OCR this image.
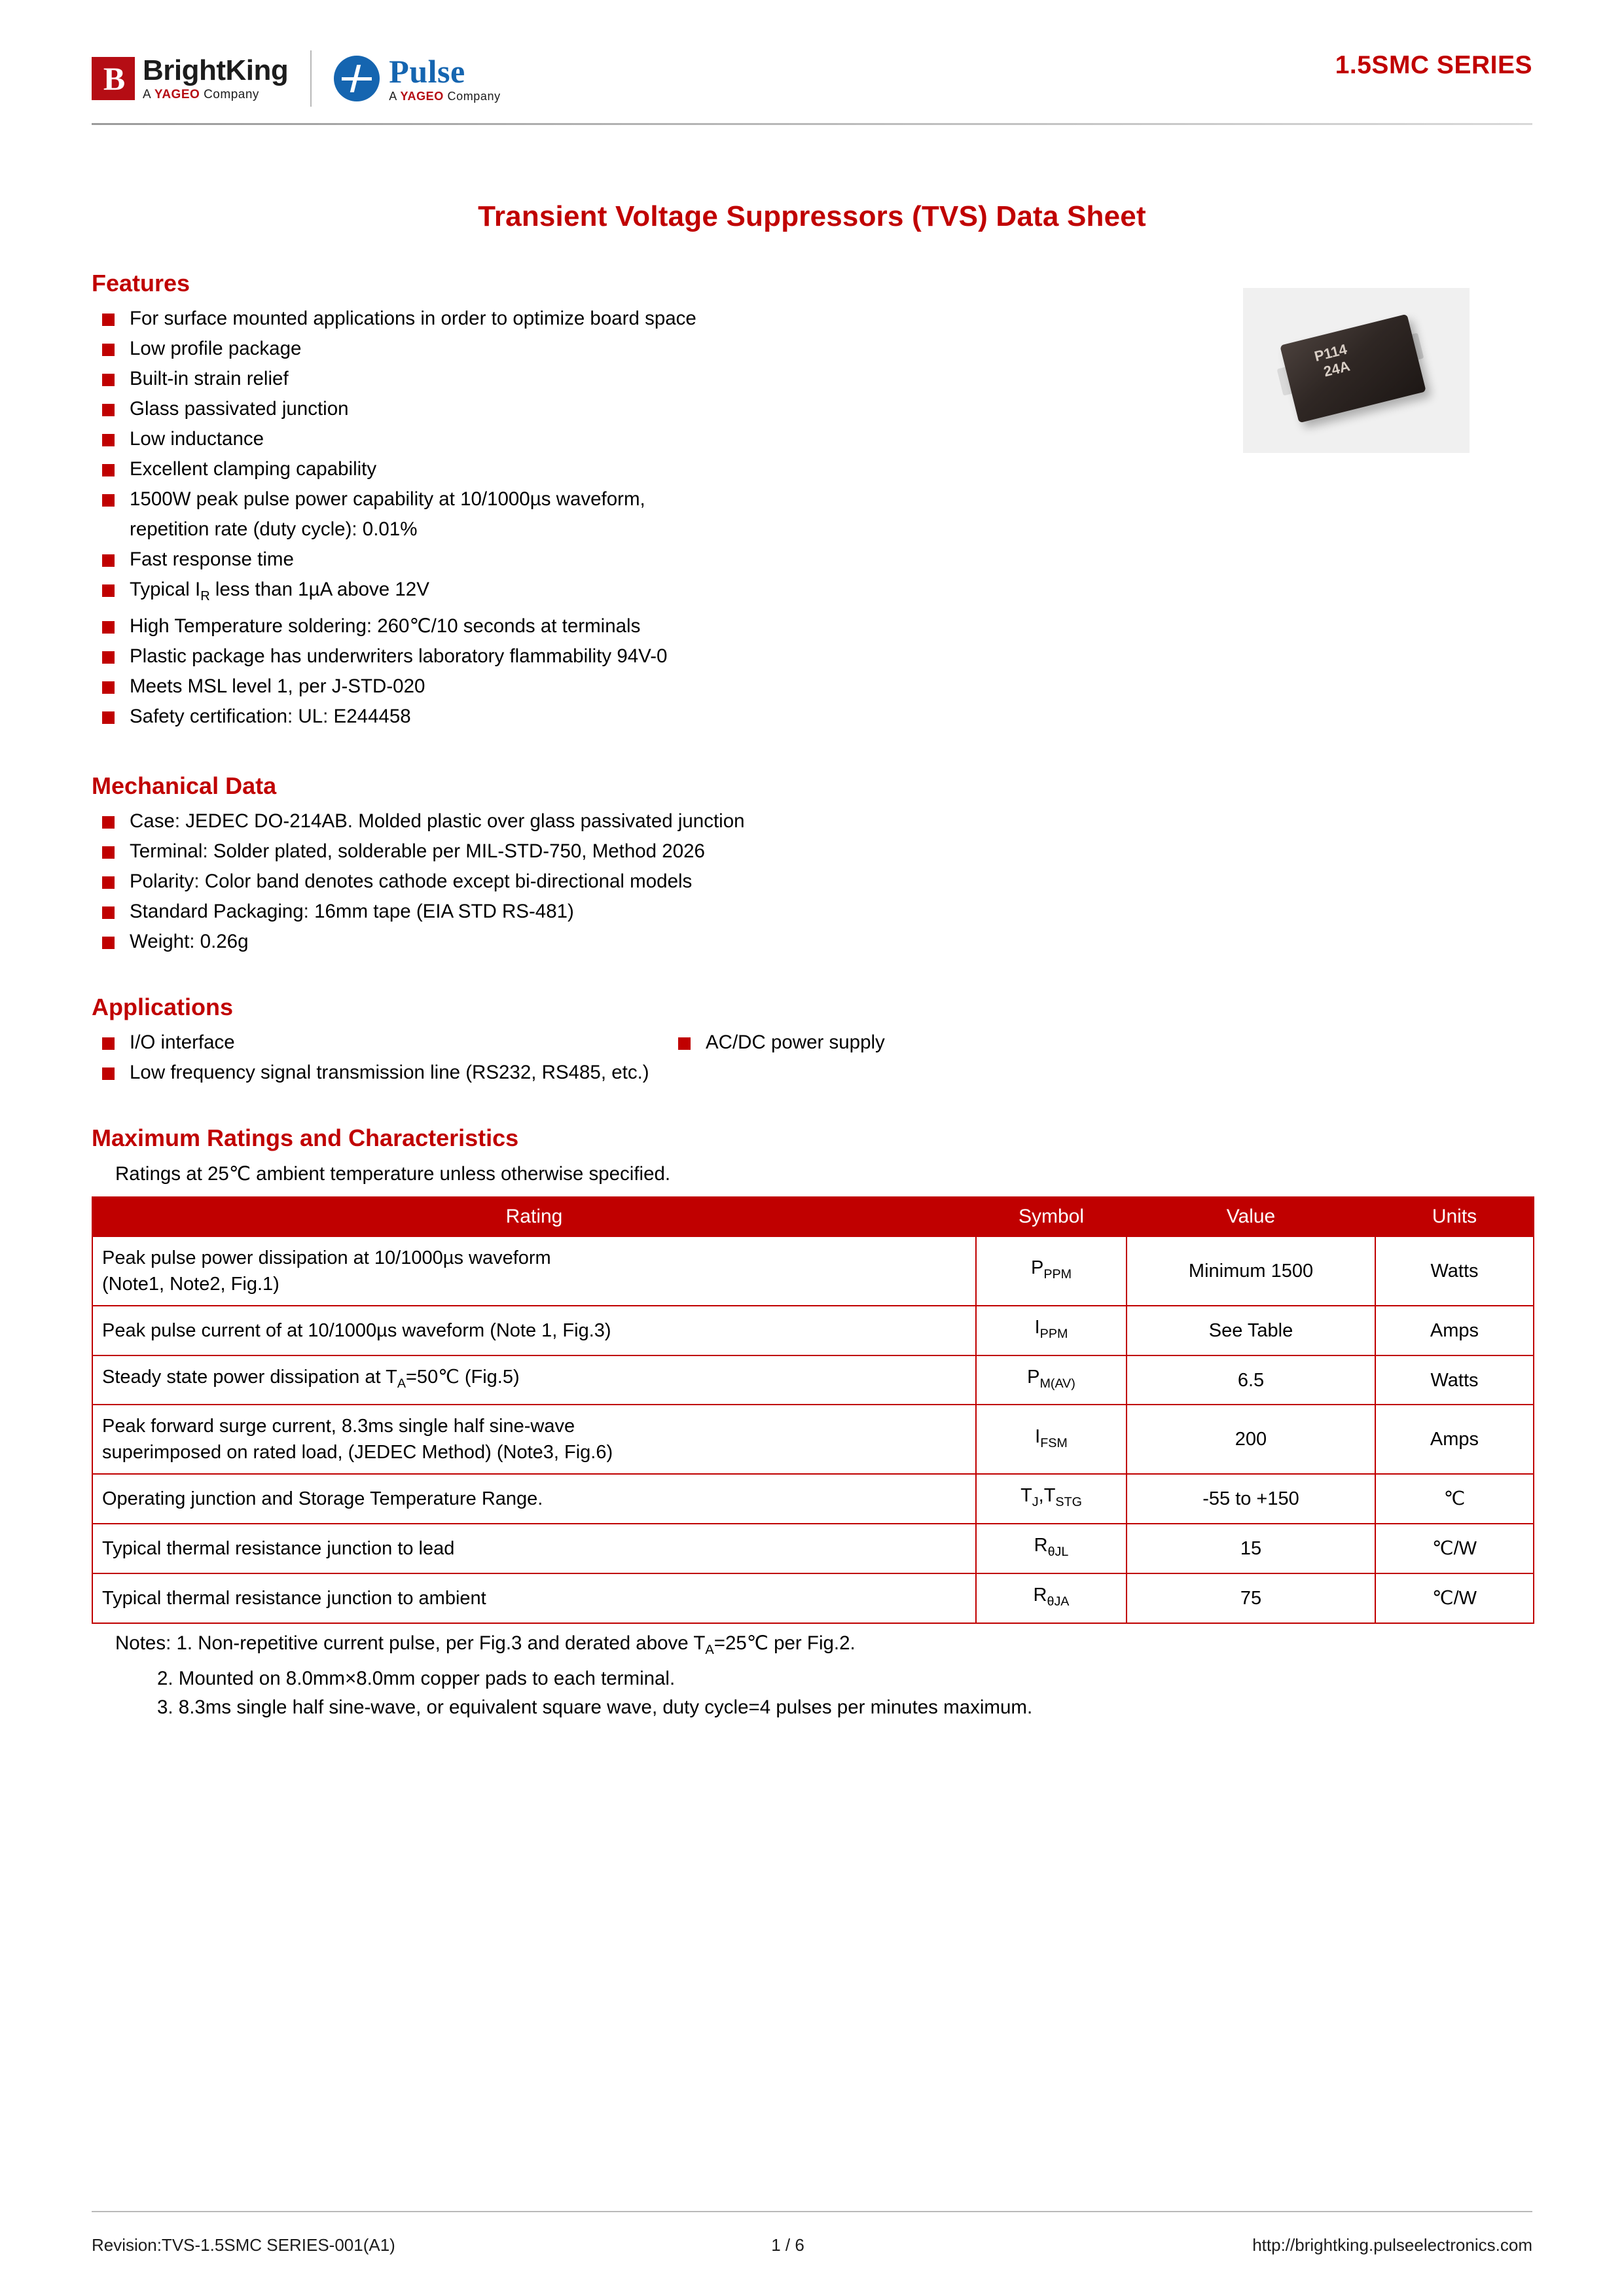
B BrightKing
A YAGEO Company
Pulse
A YAGEO Company
1.5SMC SERIES
Transient Voltage Suppressors (TVS) Data Sheet
Features
P114
24A
For surface mounted applications in order to optimize board space
Low profile package
Built-in strain relief
Glass passivated junction
Low inductance
Excellent clamping capability
1500W peak pulse power capability at 10/1000µs waveform,
repetition rate (duty cycle): 0.01%
Fast response time
Typical $I_R$ less than 1µA above 12V
High Temperature soldering: 260℃/10 seconds at terminals
Plastic package has underwriters laboratory flammability 94V-0
Meets MSL level 1, per J-STD-020
Safety certification: UL: E244458
Mechanical Data
Case: JEDEC DO-214AB. Molded plastic over glass passivated junction
Terminal: Solder plated, solderable per MIL-STD-750, Method 2026
Polarity: Color band denotes cathode except bi-directional models
Standard Packaging: 16mm tape (EIA STD RS-481)
Weight: 0.26g
Applications
I/O interface
Low frequency signal transmission line (RS232, RS485, etc.)
AC/DC power supply
Maximum Ratings and Characteristics
Ratings at 25℃ ambient temperature unless otherwise specified.
Rating	Symbol	Value	Units
Peak pulse power dissipation at 10/1000µs waveform
(Note1, Note2, Fig.1)	$P_{PPM}$	Minimum 1500	Watts
Peak pulse current of at 10/1000µs waveform (Note 1, Fig.3)	$I_{PPM}$	See Table	Amps
Steady state power dissipation at $T_A=50℃$ (Fig.5)	$P_{M(AV)}$	6.5	Watts
Peak forward surge current, 8.3ms single half sine-wave
superimposed on rated load, (JEDEC Method) (Note3, Fig.6)	$I_{FSM}$	200	Amps
Operating junction and Storage Temperature Range.	$T_J,T_{STG}$	-55 to +150	℃
Typical thermal resistance junction to lead	$R_{\theta JL}$	15	℃/W
Typical thermal resistance junction to ambient	$R_{\theta JA}$	75	℃/W
Notes: 1. Non-repetitive current pulse, per Fig.3 and derated above $T_A=25℃$ per Fig.2.
2. Mounted on 8.0mm×8.0mm copper pads to each terminal.
3. 8.3ms single half sine-wave, or equivalent square wave, duty cycle=4 pulses per minutes maximum.
Revision:TVS-1.5SMC SERIES-001(A1)	1 / 6	http://brightking.pulseelectronics.com
